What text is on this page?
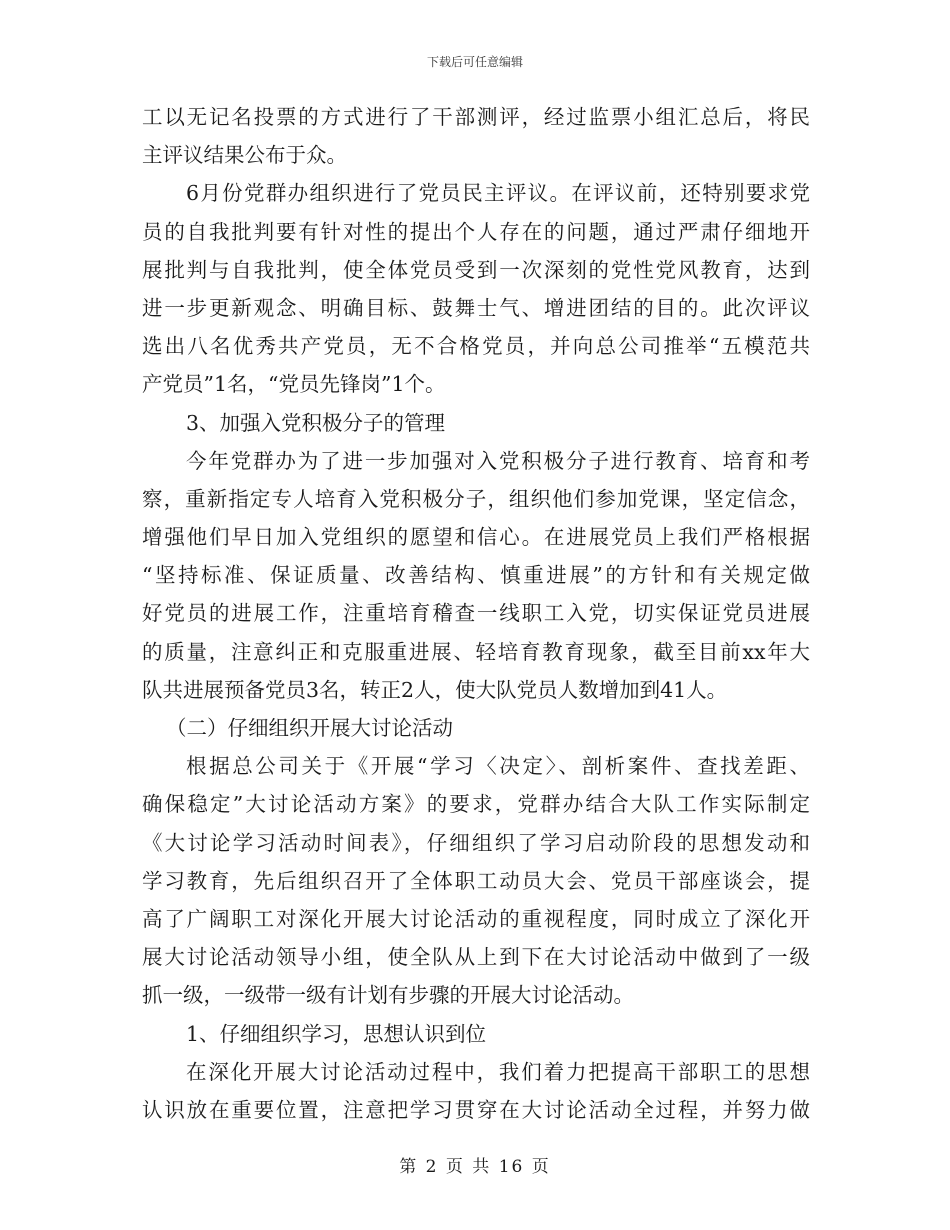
下载后可任意编辑
工以无记名投票的方式进行了干部测评，经过监票小组汇总后，将民
主评议结果公布于众。
6月份党群办组织进行了党员民主评议。在评议前，还特别要求党
员的自我批判要有针对性的提出个人存在的问题，通过严肃仔细地开
展批判与自我批判，使全体党员受到一次深刻的党性党风教育，达到
进一步更新观念、明确目标、鼓舞士气、增进团结的目的。此次评议
选出八名优秀共产党员，无不合格党员，并向总公司推举“五模范共
产党员”1名，“党员先锋岗”1个。
3、加强入党积极分子的管理
今年党群办为了进一步加强对入党积极分子进行教育、培育和考
察，重新指定专人培育入党积极分子，组织他们参加党课，坚定信念，
增强他们早日加入党组织的愿望和信心。在进展党员上我们严格根据
“坚持标准、保证质量、改善结构、慎重进展”的方针和有关规定做
好党员的进展工作，注重培育稽查一线职工入党，切实保证党员进展
的质量，注意纠正和克服重进展、轻培育教育现象，截至目前xx年大
队共进展预备党员3名，转正2人，使大队党员人数增加到41人。
（二）仔细组织开展大讨论活动
根据总公司关于《开展“学习〈决定〉、剖析案件、查找差距、
确保稳定”大讨论活动方案》的要求，党群办结合大队工作实际制定
《大讨论学习活动时间表》，仔细组织了学习启动阶段的思想发动和
学习教育，先后组织召开了全体职工动员大会、党员干部座谈会，提
高了广阔职工对深化开展大讨论活动的重视程度，同时成立了深化开
展大讨论活动领导小组，使全队从上到下在大讨论活动中做到了一级
抓一级，一级带一级有计划有步骤的开展大讨论活动。
1、仔细组织学习，思想认识到位
在深化开展大讨论活动过程中，我们着力把提高干部职工的思想
认识放在重要位置，注意把学习贯穿在大讨论活动全过程，并努力做
第 2 页 共 16 页
